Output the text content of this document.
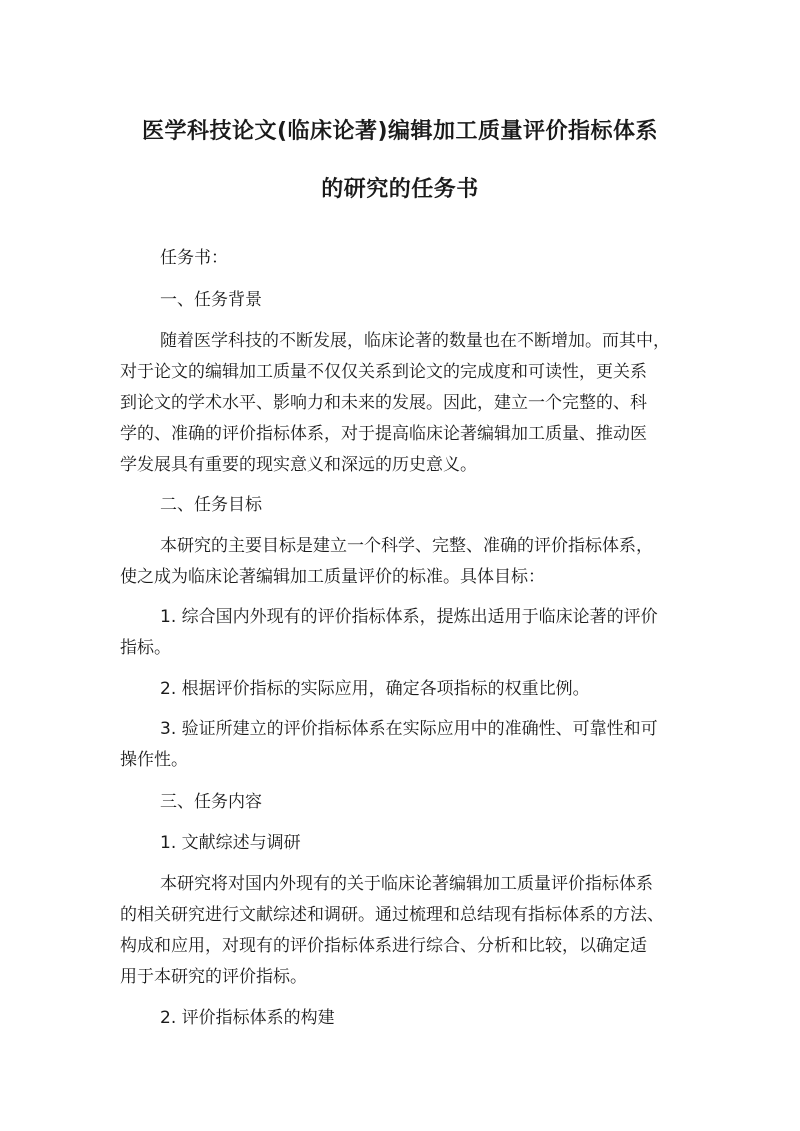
医学科技论文(临床论著)编辑加工质量评价指标体系
的研究的任务书
任务书：
一、任务背景
随着医学科技的不断发展，临床论著的数量也在不断增加。而其中，
对于论文的编辑加工质量不仅仅关系到论文的完成度和可读性，更关系
到论文的学术水平、影响力和未来的发展。因此，建立一个完整的、科
学的、准确的评价指标体系，对于提高临床论著编辑加工质量、推动医
学发展具有重要的现实意义和深远的历史意义。
二、任务目标
本研究的主要目标是建立一个科学、完整、准确的评价指标体系，
使之成为临床论著编辑加工质量评价的标准。具体目标：
1. 综合国内外现有的评价指标体系，提炼出适用于临床论著的评价
指标。
2. 根据评价指标的实际应用，确定各项指标的权重比例。
3. 验证所建立的评价指标体系在实际应用中的准确性、可靠性和可
操作性。
三、任务内容
1. 文献综述与调研
本研究将对国内外现有的关于临床论著编辑加工质量评价指标体系
的相关研究进行文献综述和调研。通过梳理和总结现有指标体系的方法、
构成和应用，对现有的评价指标体系进行综合、分析和比较，以确定适
用于本研究的评价指标。
2. 评价指标体系的构建
